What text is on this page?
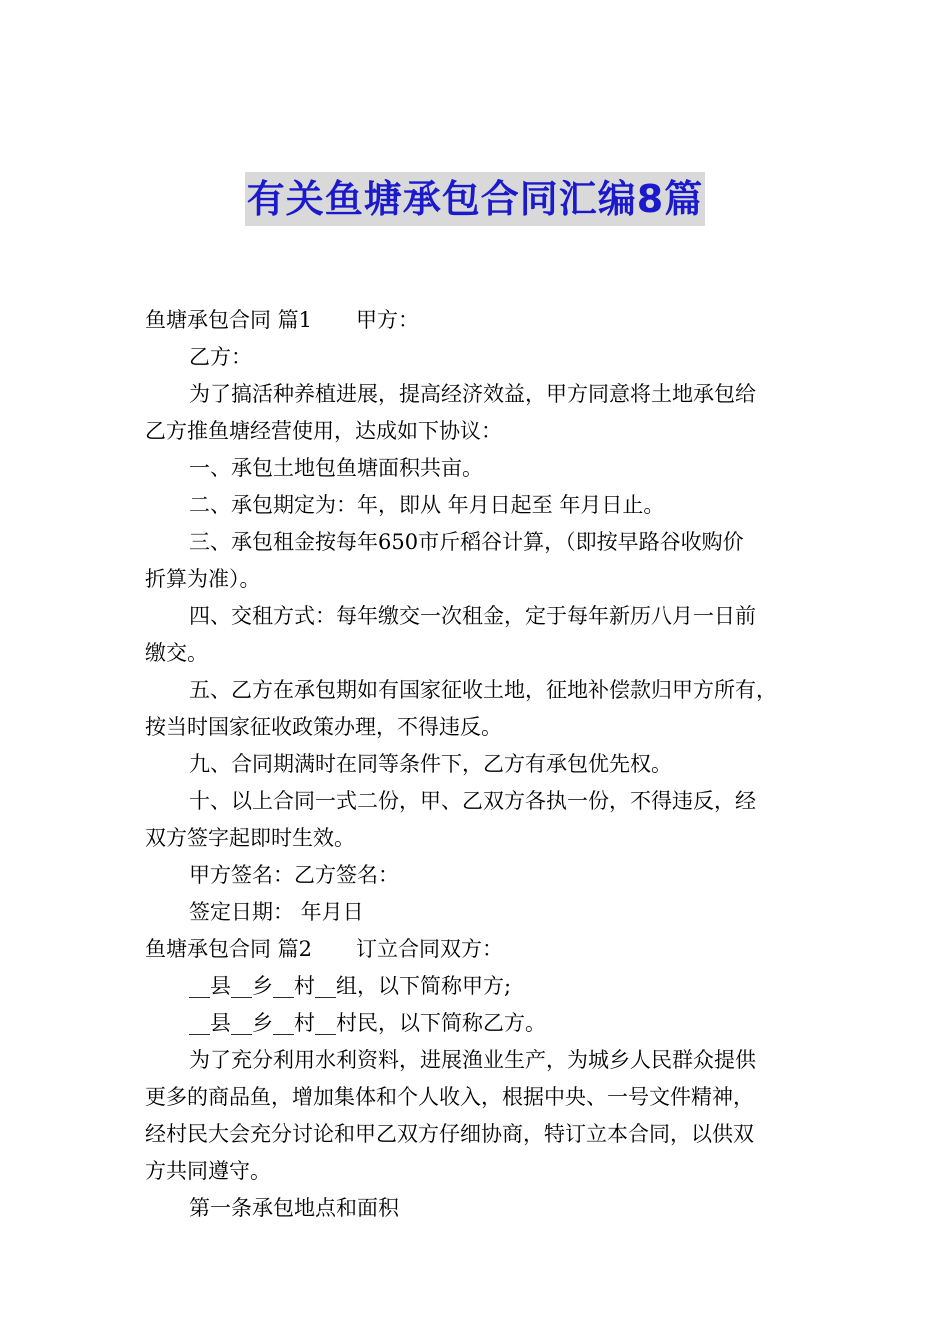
有关鱼塘承包合同汇编8篇

鱼塘承包合同 篇1 甲方：

乙方：

为了搞活种养植进展，提高经济效益，甲方同意将土地承包给

乙方推鱼塘经营使用，达成如下协议：

一、承包土地包鱼塘面积共亩。

二、承包期定为：年，即从 年月日起至 年月日止。

三、承包租金按每年650市斤稻谷计算，（即按早路谷收购价

折算为准）。

四、交租方式：每年缴交一次租金，定于每年新历八月一日前

缴交。

五、乙方在承包期如有国家征收土地，征地补偿款归甲方所有，

按当时国家征收政策办理，不得违反。

九、合同期满时在同等条件下，乙方有承包优先权。

十、以上合同一式二份，甲、乙双方各执一份，不得违反，经

双方签字起即时生效。

甲方签名：乙方签名：

签定日期： 年月日

鱼塘承包合同 篇2 订立合同双方：

__县__乡__村__组，以下简称甲方;

__县__乡__村__村民，以下简称乙方。

为了充分利用水利资料，进展渔业生产，为城乡人民群众提供

更多的商品鱼，增加集体和个人收入，根据中央、一号文件精神，

经村民大会充分讨论和甲乙双方仔细协商，特订立本合同，以供双

方共同遵守。

第一条承包地点和面积
